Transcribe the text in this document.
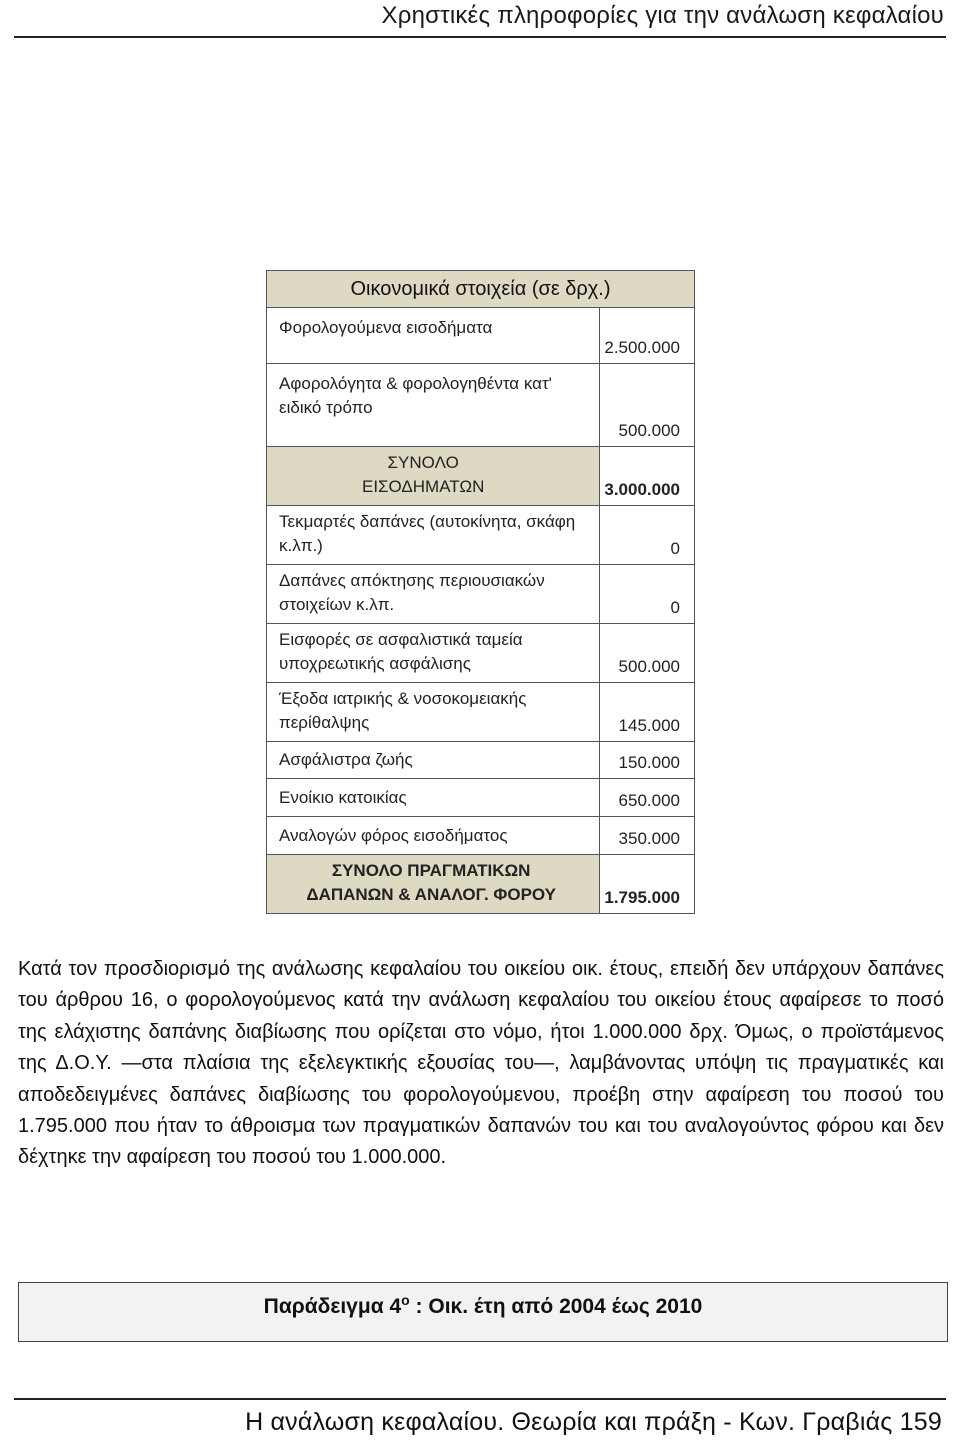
Χρηστικές πληροφορίες για την ανάλωση κεφαλαίου
Οικονομικά στοιχεία (σε δρχ.)	
Φορολογούμενα εισοδήματα	2.500.000
Αφορολόγητα & φορολογηθέντα κατ' ειδικό τρόπο	500.000
ΣΥΝΟΛΟ ΕΙΣΟΔΗΜΑΤΩΝ	3.000.000
Τεκμαρτές δαπάνες (αυτοκίνητα, σκάφη κ.λπ.)	0
Δαπάνες απόκτησης περιουσιακών στοιχείων κ.λπ.	0
Εισφορές σε ασφαλιστικά ταμεία υποχρεωτικής ασφάλισης	500.000
Έξοδα ιατρικής & νοσοκομειακής περίθαλψης	145.000
Ασφάλιστρα ζωής	150.000
Ενοίκιο κατοικίας	650.000
Αναλογών φόρος εισοδήματος	350.000
ΣΥΝΟΛΟ ΠΡΑΓΜΑΤΙΚΩΝ ΔΑΠΑΝΩΝ & ΑΝΑΛΟΓ. ΦΟΡΟΥ	1.795.000

Κατά τον προσδιορισμό της ανάλωσης κεφαλαίου του οικείου οικ. έτους, επειδή δεν υπάρχουν δαπάνες του άρθρου 16, ο φορολογούμενος κατά την ανάλωση κεφαλαίου του οικείου έτους αφαίρεσε το ποσό της ελάχιστης δαπάνης διαβίωσης που ορίζεται στο νόμο, ήτοι 1.000.000 δρχ. Όμως, ο προϊστάμενος της Δ.Ο.Υ. —στα πλαίσια της εξελεγκτικής εξουσίας του—, λαμβάνοντας υπόψη τις πραγματικές και αποδεδειγμένες δαπάνες διαβίωσης του φορολογούμενου, προέβη στην αφαίρεση του ποσού του 1.795.000 που ήταν το άθροισμα των πραγματικών δαπανών του και του αναλογούντος φόρου και δεν δέχτηκε την αφαίρεση του ποσού του 1.000.000.

Παράδειγμα $4^o$ : Οικ. έτη από 2004 έως 2010
Η ανάλωση κεφαλαίου. Θεωρία και πράξη - Κων. Γραβιάς 159
